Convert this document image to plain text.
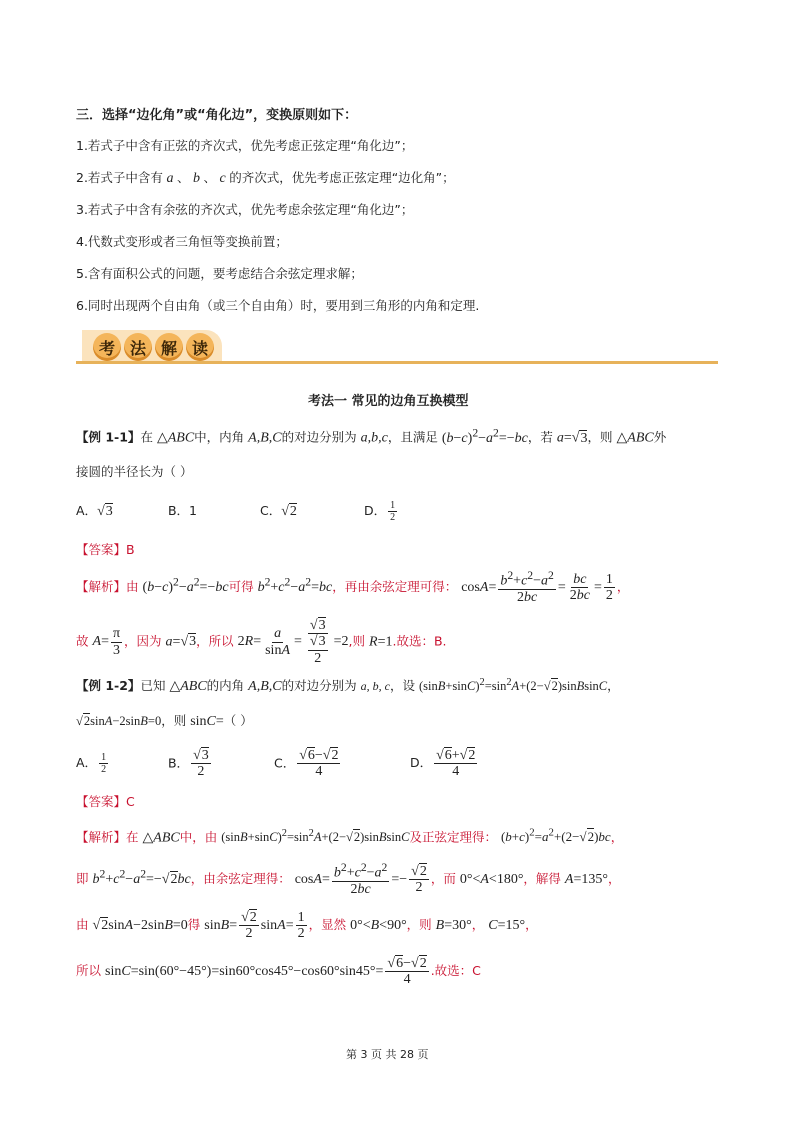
三．选择“边化角”或“角化边”，变换原则如下：
1.若式子中含有正弦的齐次式，优先考虑正弦定理“角化边”；
2.若式子中含有 a 、 b 、 c 的齐次式，优先考虑正弦定理“边化角”；
3.若式子中含有余弦的齐次式，优先考虑余弦定理“角化边”；
4.代数式变形或者三角恒等变换前置；
5.含有面积公式的问题，要考虑结合余弦定理求解；
6.同时出现两个自由角（或三个自由角）时，要用到三角形的内角和定理.
考 法 解 读
考法一 常见的边角互换模型
【例 1-1】在 △ABC中，内角 A,B,C的对边分别为 a,b,c，且满足 $(b-c)^2-a^2=-bc$，若 a=√3，则 △ABC外
接圆的半径长为（ ）
A．√3	B．1	C．√2	D． $\frac{1}{2}$
【答案】B
【解析】由 $(b-c)^2-a^2=-bc$可得 $b^2+c^2-a^2=bc$，再由余弦定理可得： $\cos A= \frac{b^2+c^2-a^2}{2bc} = \frac{bc}{2bc} = \frac{1}{2}$ ，
故 $A= \frac{\pi}{3}$ ，因为 a=√3，所以 $2R= \frac{a}{\sin A} = \frac{√3}{\frac{√3}{2}} =2$,则 R=1.故选：B.
【例 1-2】已知 △ABC的内角 A,B,C的对边分别为 a, b, c，设 $(\sin B+\sin C)^2=\sin^2A+(2-√2)sinBsinC$，
√2sinA−2sinB=0，则 sinC=（ ）
A． $\frac{1}{2}$	B． $\frac{√3}{2}$	C． $\frac{√6-√2}{4}$	D． $\frac{√6+√2}{4}$
【答案】C
【解析】在 △ABC中，由 $(\sin B+\sin C)^2=\sin^2A+(2-√2)sinBsinC$及正弦定理得： $(b+c)^2=a^2+(2-√2)bc$，
即 $b^2+c^2-a^2=-√2bc$，由余弦定理得： $\cos A= \frac{b^2+c^2-a^2}{2bc} =- \frac{√2}{2}$ ，而 0°<A<180°，解得 A=135°，
由 √2sinA−2sinB=0得 $\sin B= \frac{√2}{2} \sin A= \frac{1}{2}$ ，显然 0°<B<90°，则 B=30°， C=15°，
所以 $\sin C=\sin(60^\circ-45^\circ)=\sin 60^\circ\cos 45^\circ-\cos 60^\circ\sin 45^\circ= \frac{√6-√2}{4}$ .故选：C
第 3 页 共 28 页
